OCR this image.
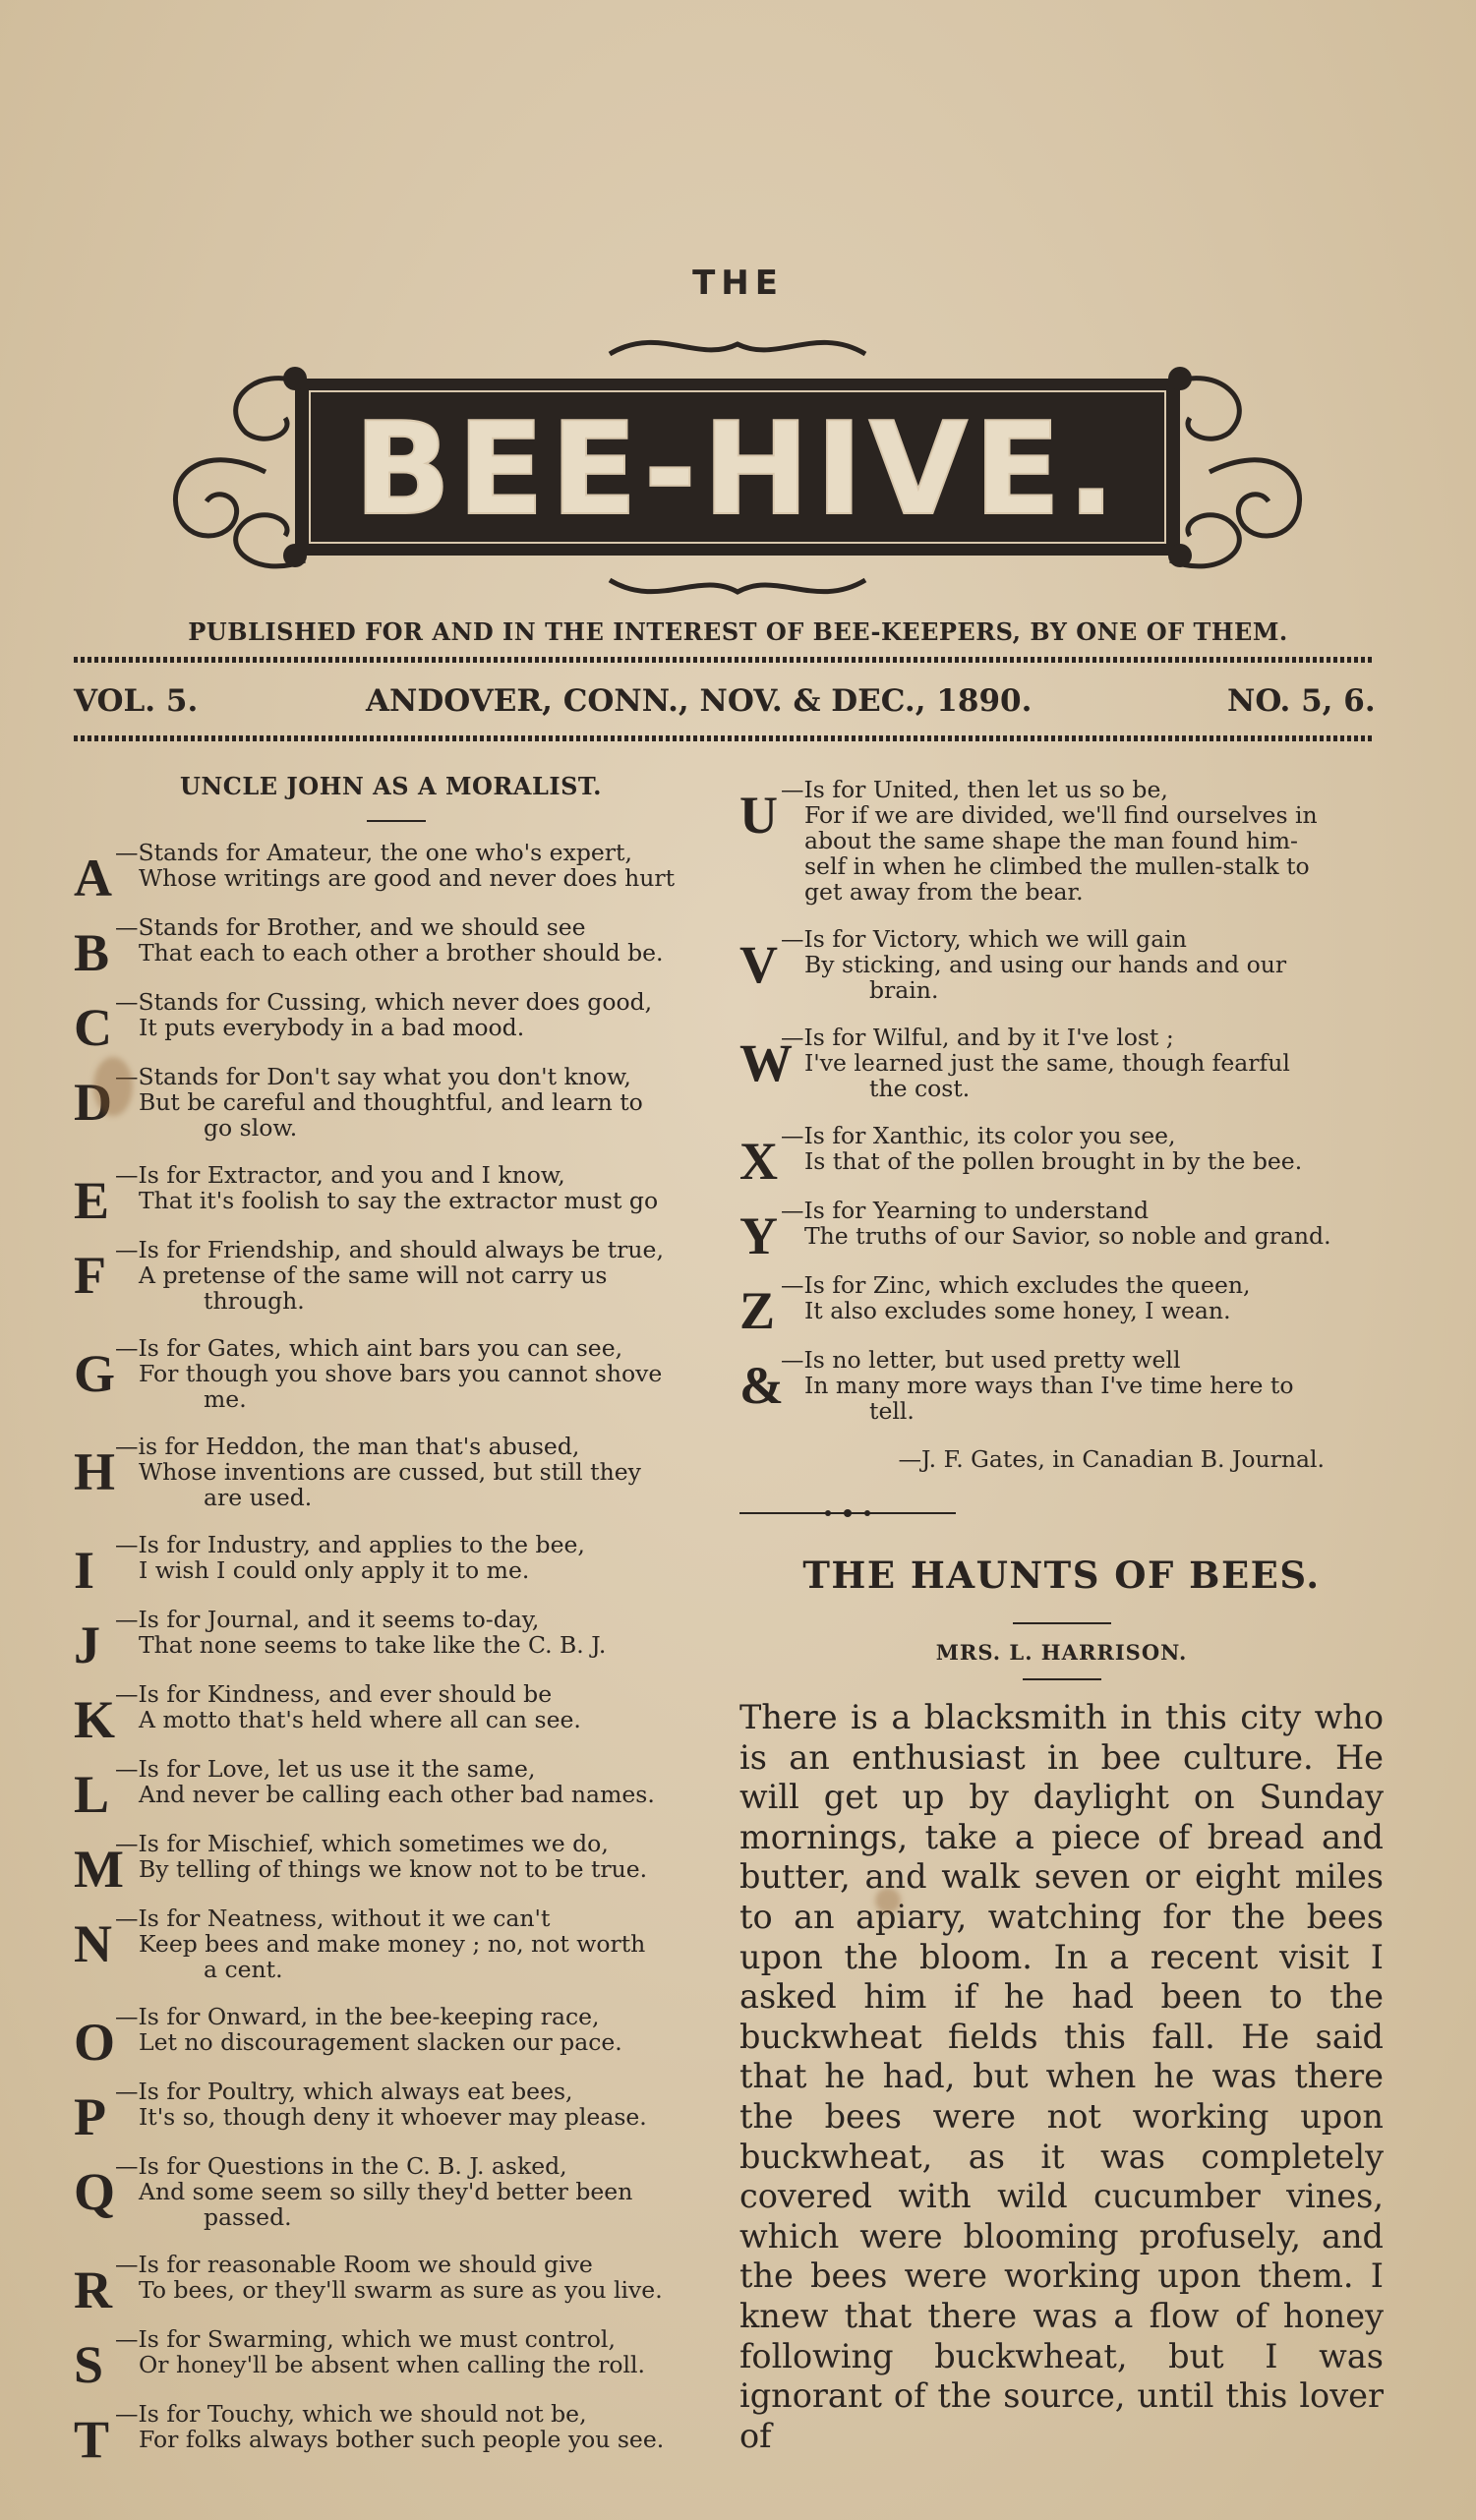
THE
BEE-HIVE.
PUBLISHED FOR AND IN THE INTEREST OF BEE-KEEPERS, BY ONE OF THEM.
VOL. 5.	ANDOVER, CONN., NOV. & DEC., 1890.	NO. 5, 6.
UNCLE JOHN AS A MORALIST.
A —Stands for Amateur, the one who's expert,
Whose writings are good and never does hurt
B —Stands for Brother, and we should see
That each to each other a brother should be.
C —Stands for Cussing, which never does good,
It puts everybody in a bad mood.
D —Stands for Don't say what you don't know,
But be careful and thoughtful, and learn to
go slow.
E —Is for Extractor, and you and I know,
That it's foolish to say the extractor must go
F —Is for Friendship, and should always be true,
A pretense of the same will not carry us
through.
G —Is for Gates, which aint bars you can see,
For though you shove bars you cannot shove
me.
H —is for Heddon, the man that's abused,
Whose inventions are cussed, but still they
are used.
I —Is for Industry, and applies to the bee,
I wish I could only apply it to me.
J —Is for Journal, and it seems to-day,
That none seems to take like the C. B. J.
K —Is for Kindness, and ever should be
A motto that's held where all can see.
L —Is for Love, let us use it the same,
And never be calling each other bad names.
M
—Is for Mischief, which sometimes we do,
By telling of things we know not to be true.
N —Is for Neatness, without it we can't
Keep bees and make money ; no, not worth
a cent.
O —Is for Onward, in the bee-keeping race,
Let no discouragement slacken our pace.
P —Is for Poultry, which always eat bees,
It's so, though deny it whoever may please.
Q —Is for Questions in the C. B. J. asked,
And some seem so silly they'd better been
passed.
R —Is for reasonable Room we should give
To bees, or they'll swarm as sure as you live.
S —Is for Swarming, which we must control,
Or honey'll be absent when calling the roll.
T —Is for Touchy, which we should not be,
For folks always bother such people you see.
U —Is for United, then let us so be,
For if we are divided, we'll find ourselves in
about the same shape the man found him-
self in when he climbed the mullen-stalk to
get away from the bear.
V —Is for Victory, which we will gain
By sticking, and using our hands and our
brain.
W
—Is for Wilful, and by it I've lost ;
I've learned just the same, though fearful
the cost.
X —Is for Xanthic, its color you see,
Is that of the pollen brought in by the bee.
Y —Is for Yearning to understand
The truths of our Savior, so noble and grand.
Z —Is for Zinc, which excludes the queen,
It also excludes some honey, I wean.
&
—Is no letter, but used pretty well
In many more ways than I've time here to
tell.
—J. F. Gates, in Canadian B. Journal.
THE HAUNTS OF BEES.
MRS. L. HARRISON.
There is a blacksmith in this city who is an enthusiast in bee culture. He will get up by daylight on Sunday mornings, take a piece of bread and butter, and walk seven or eight miles to an apiary, watching for the bees upon the bloom. In a recent visit I asked him if he had been to the buckwheat fields this fall. He said that he had, but when he was there the bees were not working upon buckwheat, as it was completely covered with wild cucumber vines, which were blooming profusely, and the bees were working upon them. I knew that there was a flow of honey following buckwheat, but I was ignorant of the source, until this lover of
